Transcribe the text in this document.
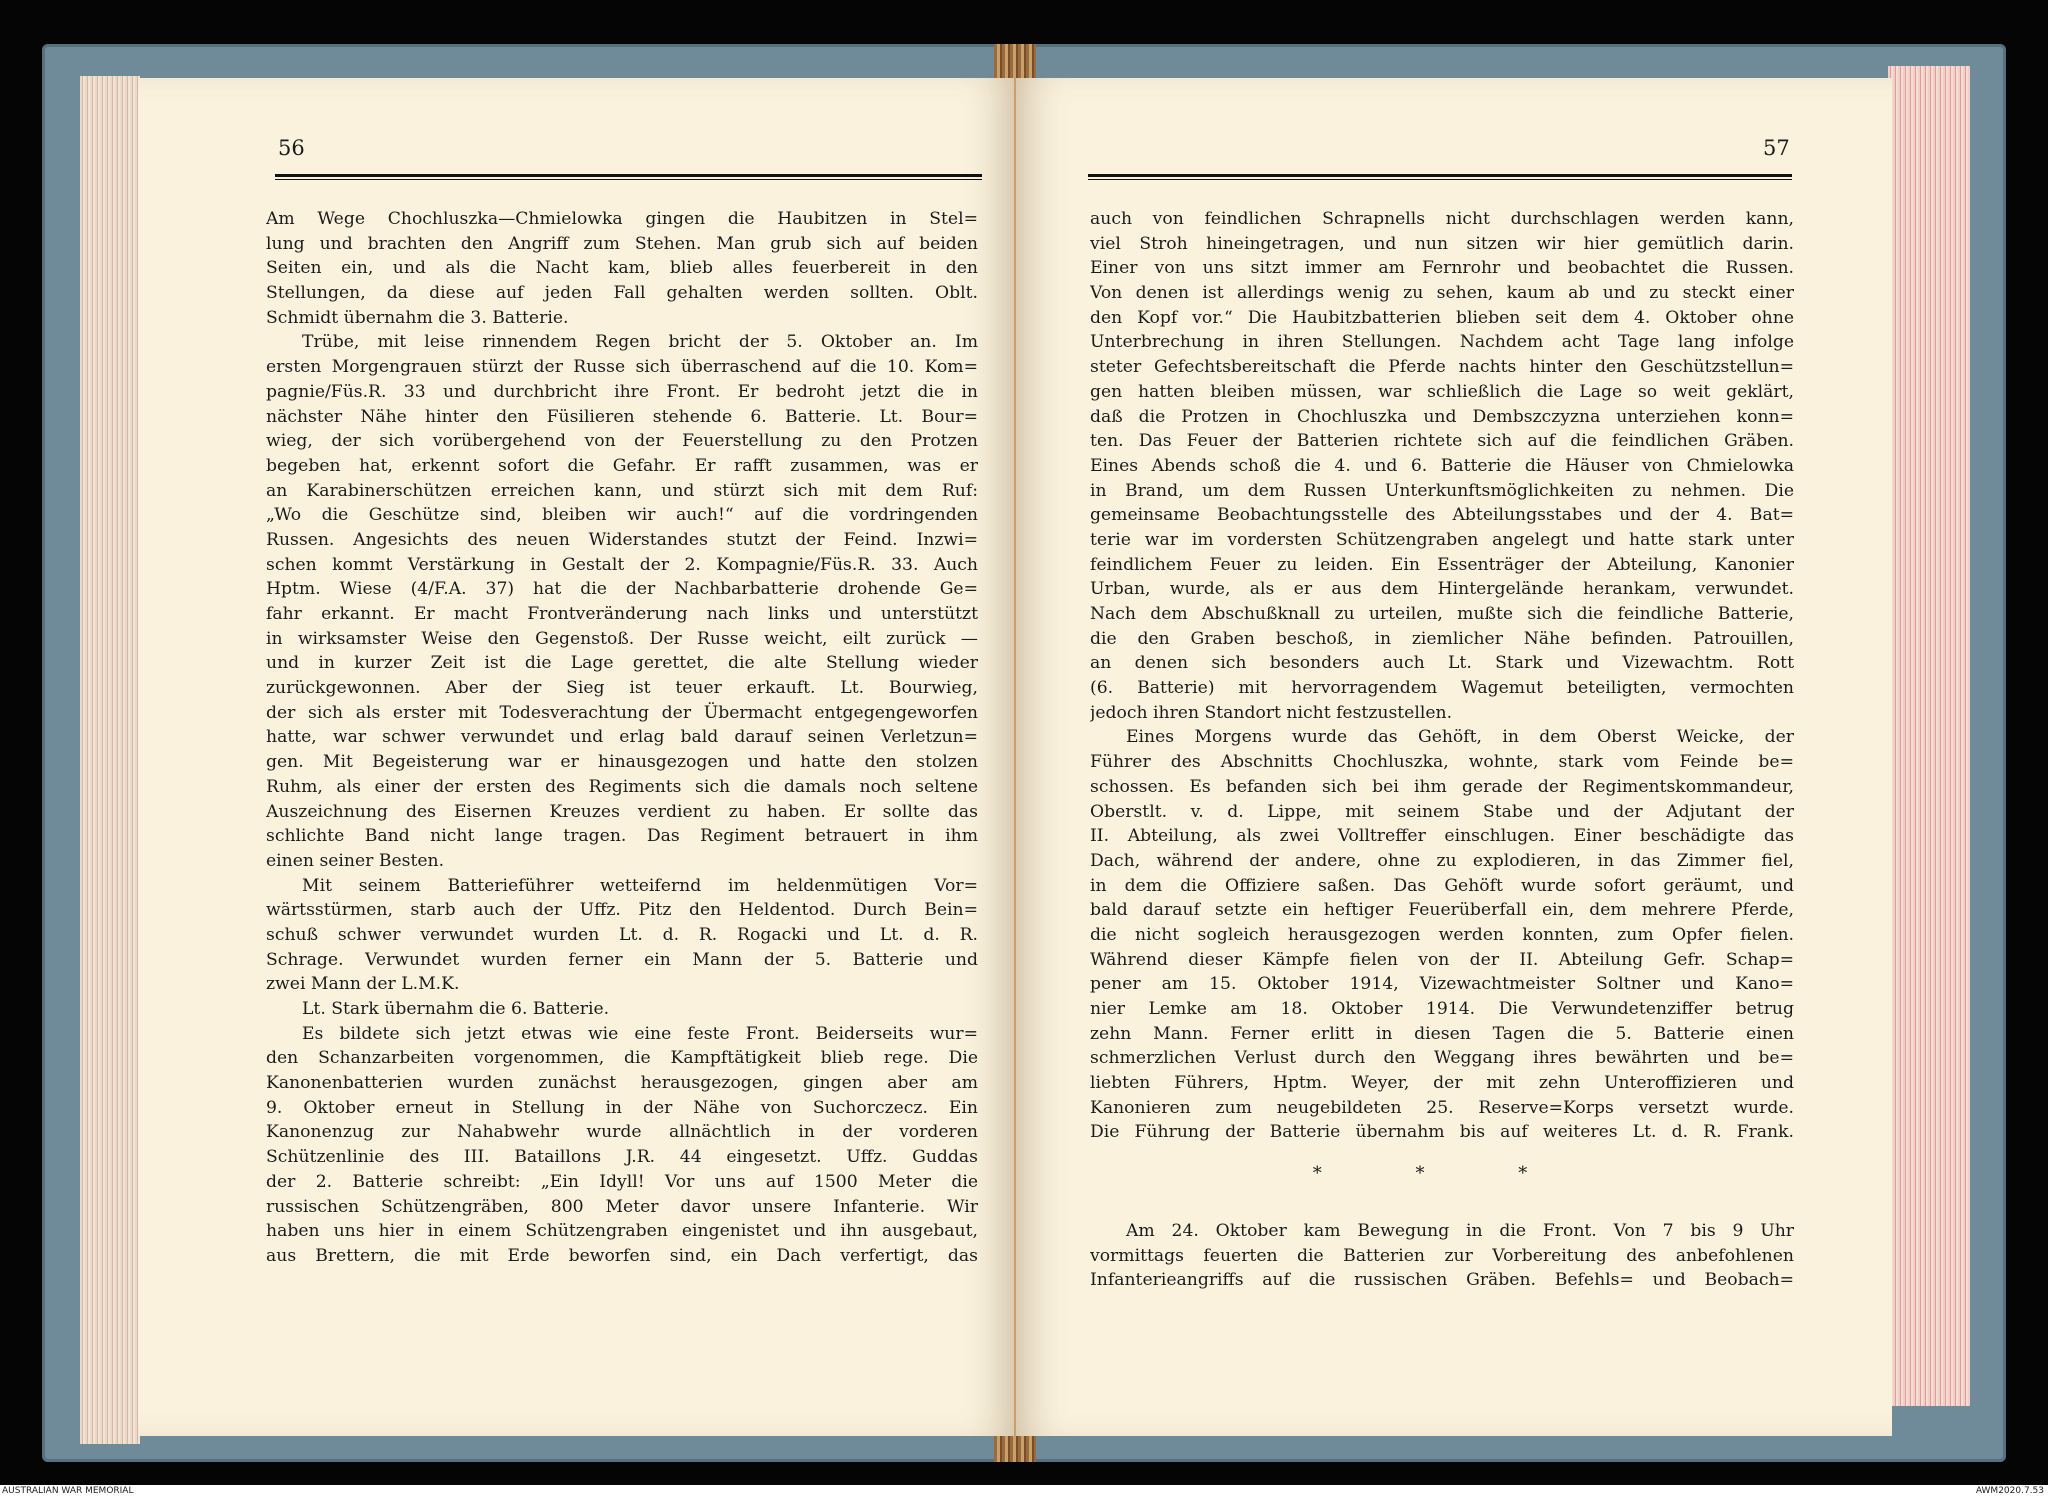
56	57
Am Wege Chochluszka—Chmielowka gingen die Haubitzen in Stel=
lung und brachten den Angriff zum Stehen. Man grub sich auf beiden
Seiten ein, und als die Nacht kam, blieb alles feuerbereit in den
Stellungen, da diese auf jeden Fall gehalten werden sollten. Oblt.
Schmidt übernahm die 3. Batterie.
Trübe, mit leise rinnendem Regen bricht der 5. Oktober an. Im
ersten Morgengrauen stürzt der Russe sich überraschend auf die 10. Kom=
pagnie/Füs.R. 33 und durchbricht ihre Front. Er bedroht jetzt die in
nächster Nähe hinter den Füsilieren stehende 6. Batterie. Lt. Bour=
wieg, der sich vorübergehend von der Feuerstellung zu den Protzen
begeben hat, erkennt sofort die Gefahr. Er rafft zusammen, was er
an Karabinerschützen erreichen kann, und stürzt sich mit dem Ruf:
„Wo die Geschütze sind, bleiben wir auch!“ auf die vordringenden
Russen. Angesichts des neuen Widerstandes stutzt der Feind. Inzwi=
schen kommt Verstärkung in Gestalt der 2. Kompagnie/Füs.R. 33. Auch
Hptm. Wiese (4/F.A. 37) hat die der Nachbarbatterie drohende Ge=
fahr erkannt. Er macht Frontveränderung nach links und unterstützt
in wirksamster Weise den Gegenstoß. Der Russe weicht, eilt zurück —
und in kurzer Zeit ist die Lage gerettet, die alte Stellung wieder
zurückgewonnen. Aber der Sieg ist teuer erkauft. Lt. Bourwieg,
der sich als erster mit Todesverachtung der Übermacht entgegengeworfen
hatte, war schwer verwundet und erlag bald darauf seinen Verletzun=
gen. Mit Begeisterung war er hinausgezogen und hatte den stolzen
Ruhm, als einer der ersten des Regiments sich die damals noch seltene
Auszeichnung des Eisernen Kreuzes verdient zu haben. Er sollte das
schlichte Band nicht lange tragen. Das Regiment betrauert in ihm
einen seiner Besten.
Mit seinem Batterieführer wetteifernd im heldenmütigen Vor=
wärtsstürmen, starb auch der Uffz. Pitz den Heldentod. Durch Bein=
schuß schwer verwundet wurden Lt. d. R. Rogacki und Lt. d. R.
Schrage. Verwundet wurden ferner ein Mann der 5. Batterie und
zwei Mann der L.M.K.
Lt. Stark übernahm die 6. Batterie.
Es bildete sich jetzt etwas wie eine feste Front. Beiderseits wur=
den Schanzarbeiten vorgenommen, die Kampftätigkeit blieb rege. Die
Kanonenbatterien wurden zunächst herausgezogen, gingen aber am
9. Oktober erneut in Stellung in der Nähe von Suchorczecz. Ein
Kanonenzug zur Nahabwehr wurde allnächtlich in der vorderen
Schützenlinie des III. Bataillons J.R. 44 eingesetzt. Uffz. Guddas
der 2. Batterie schreibt: „Ein Idyll! Vor uns auf 1500 Meter die
russischen Schützengräben, 800 Meter davor unsere Infanterie. Wir
haben uns hier in einem Schützengraben eingenistet und ihn ausgebaut,
aus Brettern, die mit Erde beworfen sind, ein Dach verfertigt, das
auch von feindlichen Schrapnells nicht durchschlagen werden kann,
viel Stroh hineingetragen, und nun sitzen wir hier gemütlich darin.
Einer von uns sitzt immer am Fernrohr und beobachtet die Russen.
Von denen ist allerdings wenig zu sehen, kaum ab und zu steckt einer
den Kopf vor.“ Die Haubitzbatterien blieben seit dem 4. Oktober ohne
Unterbrechung in ihren Stellungen. Nachdem acht Tage lang infolge
steter Gefechtsbereitschaft die Pferde nachts hinter den Geschützstellun=
gen hatten bleiben müssen, war schließlich die Lage so weit geklärt,
daß die Protzen in Chochluszka und Dembszczyzna unterziehen konn=
ten. Das Feuer der Batterien richtete sich auf die feindlichen Gräben.
Eines Abends schoß die 4. und 6. Batterie die Häuser von Chmielowka
in Brand, um dem Russen Unterkunftsmöglichkeiten zu nehmen. Die
gemeinsame Beobachtungsstelle des Abteilungsstabes und der 4. Bat=
terie war im vordersten Schützengraben angelegt und hatte stark unter
feindlichem Feuer zu leiden. Ein Essenträger der Abteilung, Kanonier
Urban, wurde, als er aus dem Hintergelände herankam, verwundet.
Nach dem Abschußknall zu urteilen, mußte sich die feindliche Batterie,
die den Graben beschoß, in ziemlicher Nähe befinden. Patrouillen,
an denen sich besonders auch Lt. Stark und Vizewachtm. Rott
(6. Batterie) mit hervorragendem Wagemut beteiligten, vermochten
jedoch ihren Standort nicht festzustellen.
Eines Morgens wurde das Gehöft, in dem Oberst Weicke, der
Führer des Abschnitts Chochluszka, wohnte, stark vom Feinde be=
schossen. Es befanden sich bei ihm gerade der Regimentskommandeur,
Oberstlt. v. d. Lippe, mit seinem Stabe und der Adjutant der
II. Abteilung, als zwei Volltreffer einschlugen. Einer beschädigte das
Dach, während der andere, ohne zu explodieren, in das Zimmer fiel,
in dem die Offiziere saßen. Das Gehöft wurde sofort geräumt, und
bald darauf setzte ein heftiger Feuerüberfall ein, dem mehrere Pferde,
die nicht sogleich herausgezogen werden konnten, zum Opfer fielen.
Während dieser Kämpfe fielen von der II. Abteilung Gefr. Schap=
pener am 15. Oktober 1914, Vizewachtmeister Soltner und Kano=
nier Lemke am 18. Oktober 1914. Die Verwundetenziffer betrug
zehn Mann. Ferner erlitt in diesen Tagen die 5. Batterie einen
schmerzlichen Verlust durch den Weggang ihres bewährten und be=
liebten Führers, Hptm. Weyer, der mit zehn Unteroffizieren und
Kanonieren zum neugebildeten 25. Reserve=Korps versetzt wurde.
Die Führung der Batterie übernahm bis auf weiteres Lt. d. R. Frank.
* * *
Am 24. Oktober kam Bewegung in die Front. Von 7 bis 9 Uhr
vormittags feuerten die Batterien zur Vorbereitung des anbefohlenen
Infanterieangriffs auf die russischen Gräben. Befehls= und Beobach=
AUSTRALIAN WAR MEMORIAL	AWM2020.7.53
